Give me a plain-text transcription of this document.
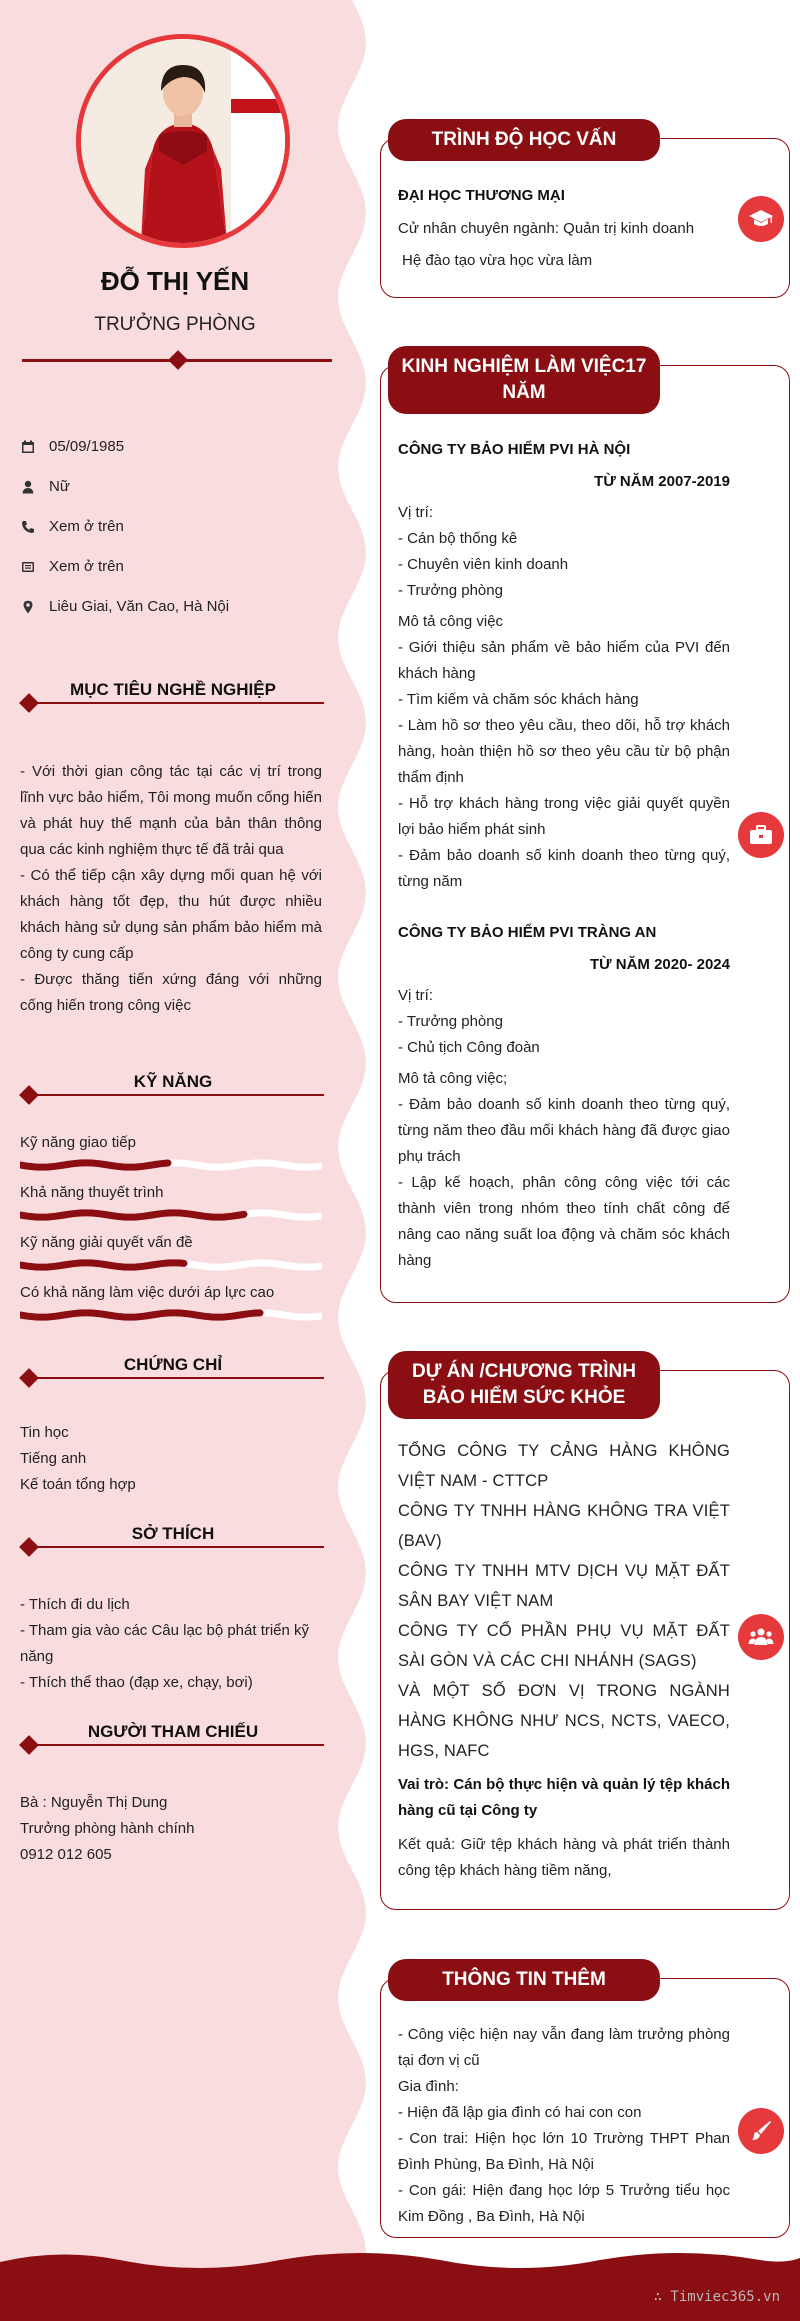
ĐỖ THỊ YẾN
TRƯỞNG PHÒNG
05/09/1985
Nữ
Xem ở trên
Xem ở trên
Liêu Giai, Văn Cao, Hà Nội
MỤC TIÊU NGHỀ NGHIỆP
- Với thời gian công tác tại các vị trí trong lĩnh vực bảo hiểm, Tôi mong muốn cống hiến và phát huy thế mạnh của bản thân thông qua các kinh nghiệm thực tế đã trải qua
- Có thể tiếp cận xây dựng mối quan hệ với khách hàng tốt đẹp, thu hút được nhiều khách hàng sử dụng sản phẩm bảo hiểm mà công ty cung cấp
- Được thăng tiến xứng đáng với những cống hiến trong công việc
KỸ NĂNG
Kỹ năng giao tiếp
Khả năng thuyết trình
Kỹ năng giải quyết vấn đề
Có khả năng làm việc dưới áp lực cao
CHỨNG CHỈ
Tin học
Tiếng anh
Kế toán tổng hợp
SỞ THÍCH
- Thích đi du lịch
- Tham gia vào các Câu lạc bộ phát triển kỹ năng
- Thích thể thao (đạp xe, chạy, bơi)
NGƯỜI THAM CHIẾU
Bà : Nguyễn Thị Dung
Trưởng phòng hành chính
0912 012 605
TRÌNH ĐỘ HỌC VẤN
ĐẠI HỌC THƯƠNG MẠI
Cử nhân chuyên ngành: Quản trị kinh doanh
Hệ đào tạo vừa học vừa làm
KINH NGHIỆM LÀM VIỆC17 NĂM
CÔNG TY BẢO HIỂM PVI HÀ NỘI
TỪ NĂM 2007-2019
Vị trí:
- Cán bộ thống kê
- Chuyên viên kinh doanh
- Trưởng phòng
Mô tả công việc
- Giới thiệu sản phẩm về bảo hiểm của PVI đến khách hàng
- Tìm kiếm và chăm sóc khách hàng
- Làm hồ sơ theo yêu cầu, theo dõi, hỗ trợ khách hàng, hoàn thiện hồ sơ theo yêu cầu từ bộ phận thẩm định
- Hỗ trợ khách hàng trong việc giải quyết quyền lợi bảo hiểm phát sinh
- Đảm bảo doanh số kinh doanh theo từng quý, từng năm
CÔNG TY BẢO HIỂM PVI TRÀNG AN
TỪ NĂM 2020- 2024
Vị trí:
- Trưởng phòng
- Chủ tịch Công đoàn
Mô tả công việc;
- Đảm bảo doanh số kinh doanh theo từng quý, từng năm theo đầu mối khách hàng đã được giao phụ trách
- Lập kế hoạch, phân công công việc tới các thành viên trong nhóm theo tính chất công để nâng cao năng suất loa động và chăm sóc khách hàng
DỰ ÁN /CHƯƠNG TRÌNH BẢO HIỂM SỨC KHỎE
TỔNG CÔNG TY CẢNG HÀNG KHÔNG VIỆT NAM - CTTCP
CÔNG TY TNHH HÀNG KHÔNG TRA VIỆT (BAV)
CÔNG TY TNHH MTV DỊCH VỤ MẶT ĐẤT SÂN BAY VIỆT NAM
CÔNG TY CỔ PHẦN PHỤ VỤ MẶT ĐẤT SÀI GÒN VÀ CÁC CHI NHÁNH (SAGS)
VÀ MỘT SỐ ĐƠN VỊ TRONG NGÀNH HÀNG KHÔNG NHƯ NCS, NCTS, VAECO, HGS, NAFC
Vai trò: Cán bộ thực hiện và quản lý tệp khách hàng cũ tại Công ty
Kết quả: Giữ tệp khách hàng và phát triển thành công tệp khách hàng tiềm năng,
THÔNG TIN THÊM
- Công việc hiện nay vẫn đang làm trưởng phòng tại đơn vị cũ
Gia đình:
- Hiện đã lập gia đình có hai con con
- Con trai: Hiện học lớn 10 Trường THPT Phan Đình Phùng, Ba Đình, Hà Nội
- Con gái: Hiện đang học lớp 5 Trưởng tiểu học Kim Đồng , Ba Đình, Hà Nội
∴ Timviec365.vn
